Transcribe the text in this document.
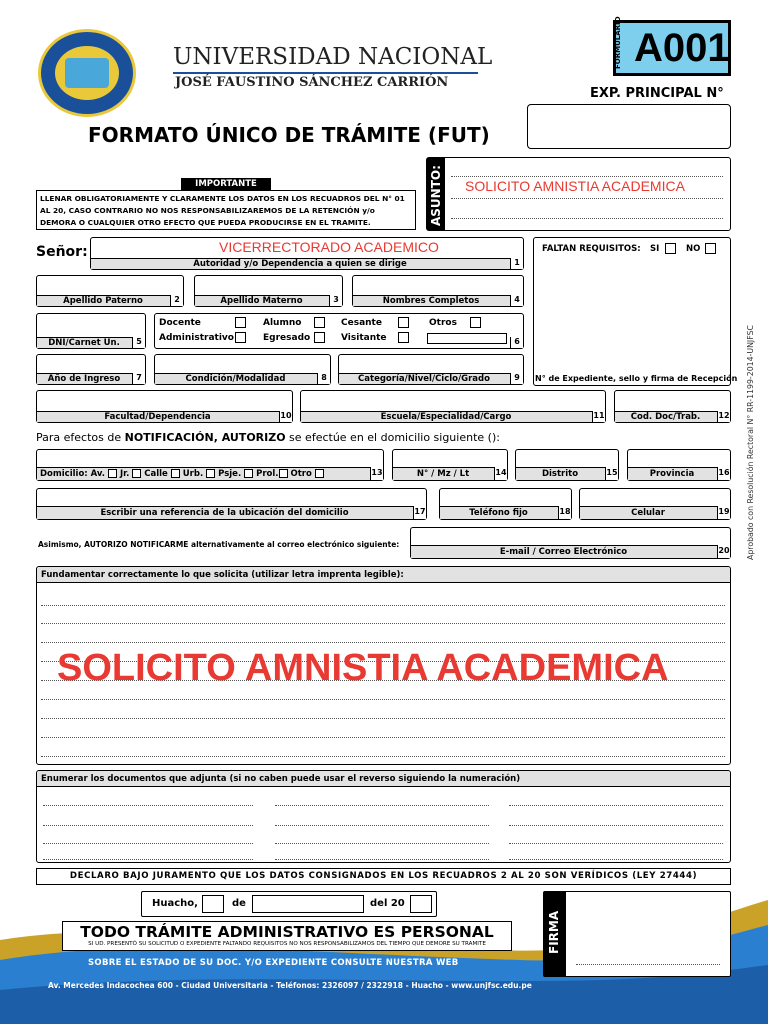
UNIVERSIDAD NACIONAL
JOSÉ FAUSTINO SÁNCHEZ CARRIÓN
FORMULARIO A001
EXP. PRINCIPAL N°
FORMATO ÚNICO DE TRÁMITE (FUT)
IMPORTANTE
LLENAR OBLIGATORIAMENTE Y CLARAMENTE LOS DATOS EN LOS RECUADROS DEL N° 01 AL 20, CASO CONTRARIO NO NOS RESPONSABILIZAREMOS DE LA RETENCIÓN y/o DEMORA O CUALQUIER OTRO EFECTO QUE PUEDA PRODUCIRSE EN EL TRAMITE.	ASUNTO: SOLICITO AMNISTIA ACADEMICA
Señor:	VICERRECTORADO ACADEMICO
Autoridad y/o Dependencia a quien se dirige	1
FALTAN REQUISITOS: SI	NO
N° de Expediente, sello y firma de Recepción
Apellido Paterno	2	Apellido Materno	3	Nombres Completos	4
DNI/Carnet Un.	5
Docente	Alumno	Cesante	Otros
Administrativo	Egresado	Visitante	6
Año de Ingreso	7	Condición/Modalidad	8	Categoría/Nivel/Ciclo/Grado	9
Facultad/Dependencia	10	Escuela/Especialidad/Cargo	11	Cod. Doc/Trab.	12
Para efectos de NOTIFICACIÓN, AUTORIZO se efectúe en el domicilio siguiente ():
Domicilio: Av. Jr. Calle Urb. Psje. Prol. Otro	13	N° / Mz / Lt	14	Distrito	15	Provincia	16
Escribir una referencia de la ubicación del domicilio	17	Teléfono fijo	18	Celular	19
Asimismo, AUTORIZO NOTIFICARME alternativamente al correo electrónico siguiente:
E-mail / Correo Electrónico	20 Aprobado con Resolución Rectoral N° RR-1199-2014-UNJFSC
Fundamentar correctamente lo que solicita (utilizar letra imprenta legible):
SOLICITO AMNISTIA ACADEMICA
Enumerar los documentos que adjunta (si no caben puede usar el reverso siguiendo la numeración)
DECLARO BAJO JURAMENTO QUE LOS DATOS CONSIGNADOS EN LOS RECUADROS 2 AL 20 SON VERÍDICOS (LEY 27444)
Huacho,	de	del 20
FIRMA
TODO TRÁMITE ADMINISTRATIVO ES PERSONAL
SI UD. PRESENTÓ SU SOLICITUD O EXPEDIENTE FALTANDO REQUISITOS NO NOS RESPONSABILIZAMOS DEL TIEMPO QUE DEMORE SU TRAMITE
SOBRE EL ESTADO DE SU DOC. Y/O EXPEDIENTE CONSULTE NUESTRA WEB
Av. Mercedes Indacochea 600 - Ciudad Universitaria - Teléfonos: 2326097 / 2322918 - Huacho - www.unjfsc.edu.pe
